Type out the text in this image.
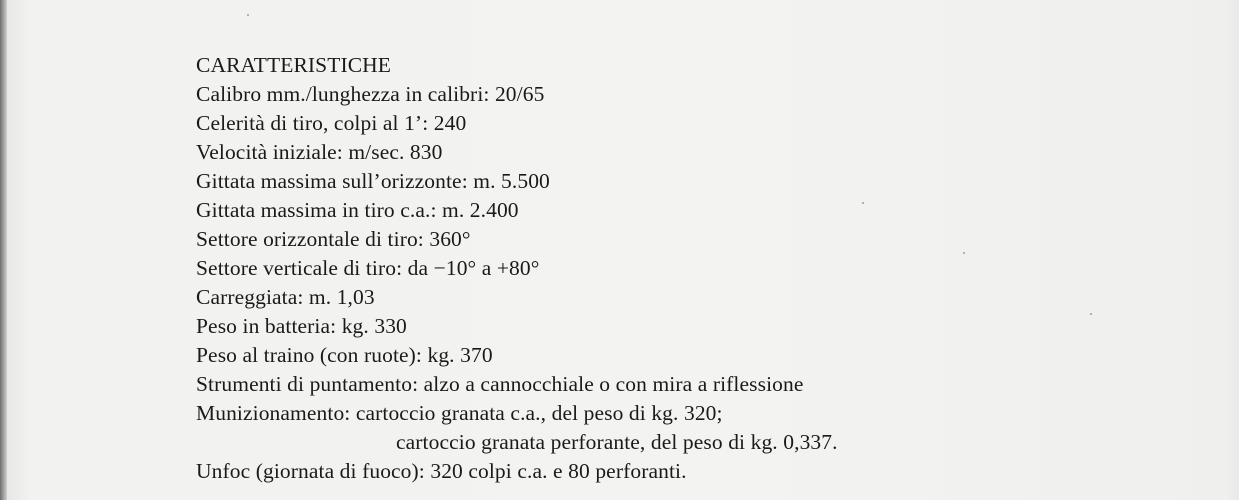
CARATTERISTICHE
Calibro mm./lunghezza in calibri: 20/65
Celerità di tiro, colpi al 1’: 240
Velocità iniziale: m/sec. 830
Gittata massima sull’orizzonte: m. 5.500
Gittata massima in tiro c.a.: m. 2.400
Settore orizzontale di tiro: 360°
Settore verticale di tiro: da −10° a +80°
Carreggiata: m. 1,03
Peso in batteria: kg. 330
Peso al traino (con ruote): kg. 370
Strumenti di puntamento: alzo a cannocchiale o con mira a riflessione
Munizionamento: cartoccio granata c.a., del peso di kg. 320;
cartoccio granata perforante, del peso di kg. 0,337.
Unfoc (giornata di fuoco): 320 colpi c.a. e 80 perforanti.
